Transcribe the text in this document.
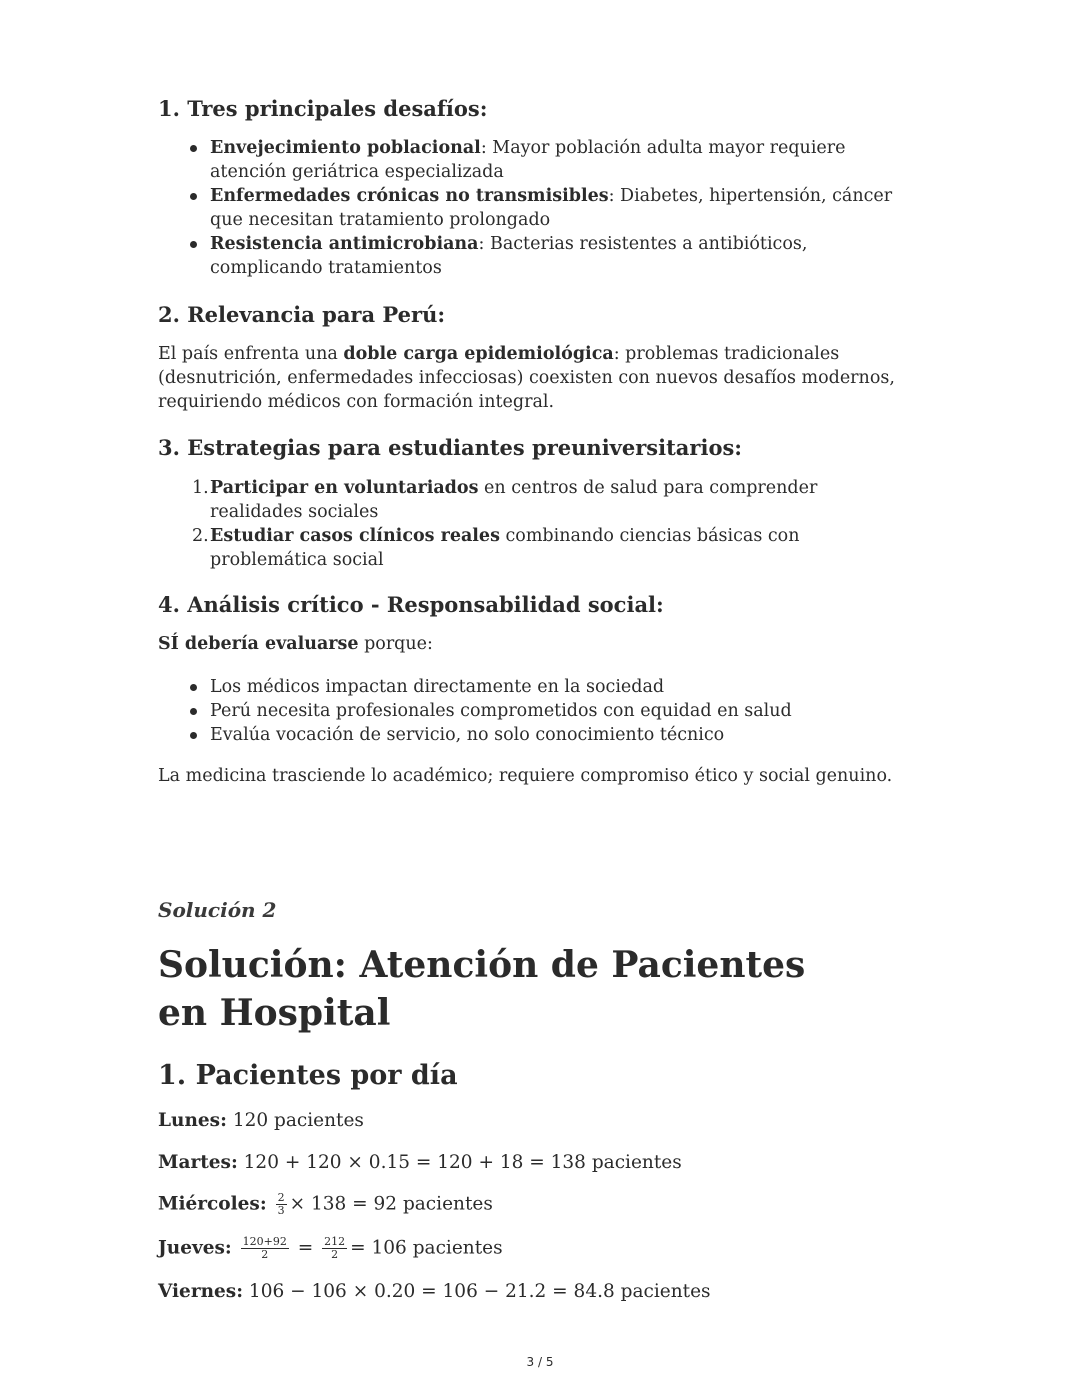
1. Tres principales desafíos:
Envejecimiento poblacional: Mayor población adulta mayor requiere atención geriátrica especializada
Enfermedades crónicas no transmisibles: Diabetes, hipertensión, cáncer que necesitan tratamiento prolongado
Resistencia antimicrobiana: Bacterias resistentes a antibióticos, complicando tratamientos
2. Relevancia para Perú:

El país enfrenta una doble carga epidemiológica: problemas tradicionales (desnutrición, enfermedades infecciosas) coexisten con nuevos desafíos modernos, requiriendo médicos con formación integral.

3. Estrategias para estudiantes preuniversitarios:
1. Participar en voluntariados en centros de salud para comprender realidades sociales
2. Estudiar casos clínicos reales combinando ciencias básicas con problemática social
4. Análisis crítico - Responsabilidad social:

SÍ debería evaluarse porque:

Los médicos impactan directamente en la sociedad
Perú necesita profesionales comprometidos con equidad en salud
Evalúa vocación de servicio, no solo conocimiento técnico

La medicina trasciende lo académico; requiere compromiso ético y social genuino.

Solución 2
Solución: Atención de Pacientes en Hospital
1. Pacientes por día

Lunes: 120 pacientes

Martes: 120 + 120 × 0.15 = 120 + 18 = 138 pacientes

Miércoles: $\frac{2}{3} \times 138 = 92$ pacientes

Jueves: $\frac{120+92}{2} = \frac{212}{2} = 106$ pacientes

Viernes: 106 − 106 × 0.20 = 106 − 21.2 = 84.8 pacientes

3 / 5
